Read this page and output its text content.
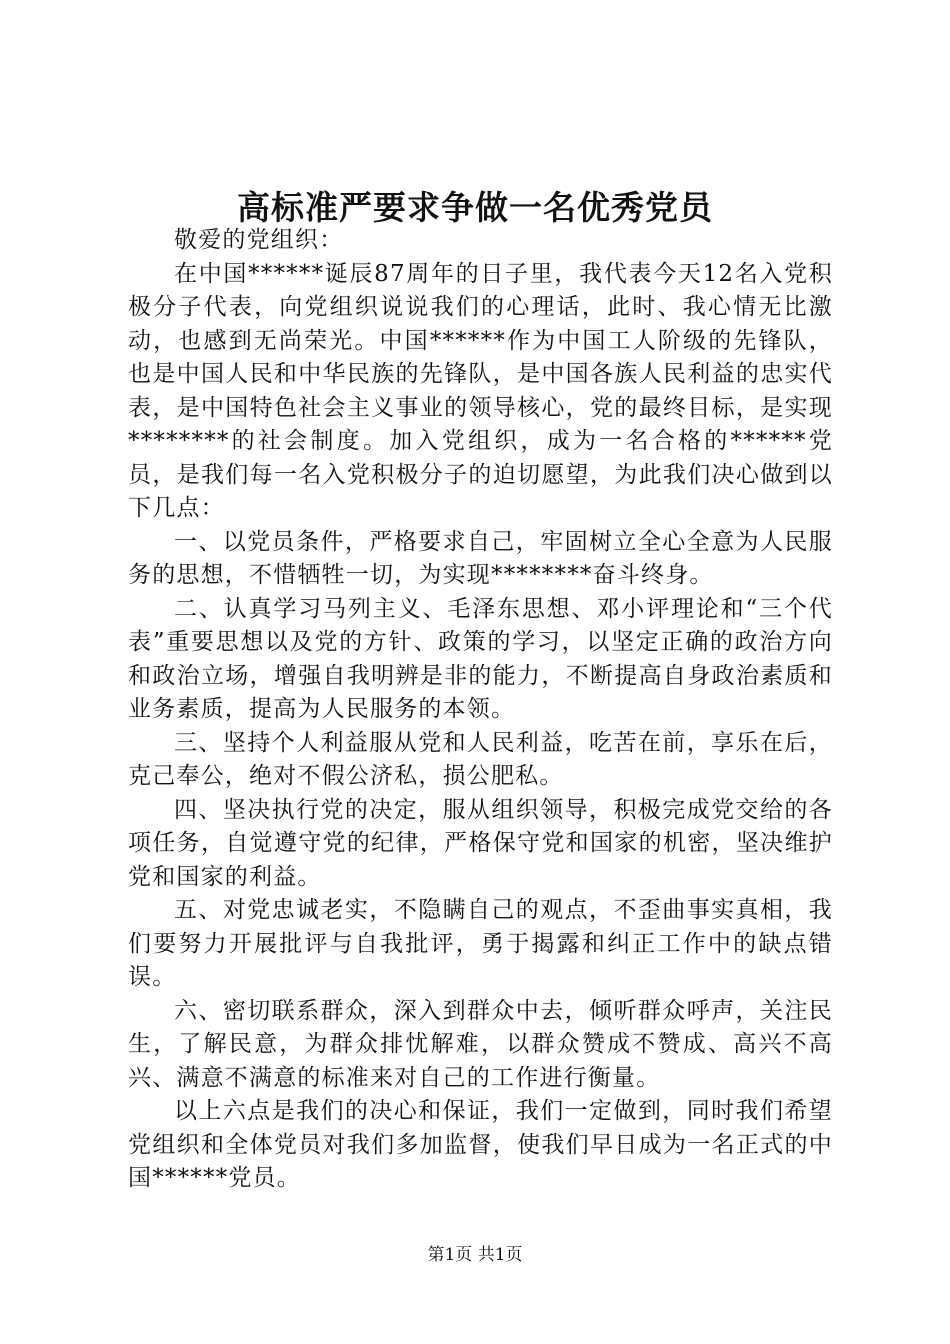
高标准严要求争做一名优秀党员

敬爱的党组织：

在中国******诞辰87周年的日子里，我代表今天12名入党积极分子代表，向党组织说说我们的心理话，此时、我心情无比激动，也感到无尚荣光。中国******作为中国工人阶级的先锋队，也是中国人民和中华民族的先锋队，是中国各族人民利益的忠实代表，是中国特色社会主义事业的领导核心，党的最终目标，是实现********的社会制度。加入党组织，成为一名合格的******党员，是我们每一名入党积极分子的迫切愿望，为此我们决心做到以下几点：

一、以党员条件，严格要求自己，牢固树立全心全意为人民服务的思想，不惜牺牲一切，为实现********奋斗终身。

二、认真学习马列主义、毛泽东思想、邓小评理论和“三个代表”重要思想以及党的方针、政策的学习，以坚定正确的政治方向和政治立场，增强自我明辨是非的能力，不断提高自身政治素质和业务素质，提高为人民服务的本领。

三、坚持个人利益服从党和人民利益，吃苦在前，享乐在后，克己奉公，绝对不假公济私，损公肥私。

四、坚决执行党的决定，服从组织领导，积极完成党交给的各项任务，自觉遵守党的纪律，严格保守党和国家的机密，坚决维护党和国家的利益。

五、对党忠诚老实，不隐瞒自己的观点，不歪曲事实真相，我们要努力开展批评与自我批评，勇于揭露和纠正工作中的缺点错误。

六、密切联系群众，深入到群众中去，倾听群众呼声，关注民生，了解民意，为群众排忧解难，以群众赞成不赞成、高兴不高兴、满意不满意的标准来对自己的工作进行衡量。

以上六点是我们的决心和保证，我们一定做到，同时我们希望党组织和全体党员对我们多加监督，使我们早日成为一名正式的中国******党员。

第1页 共1页
